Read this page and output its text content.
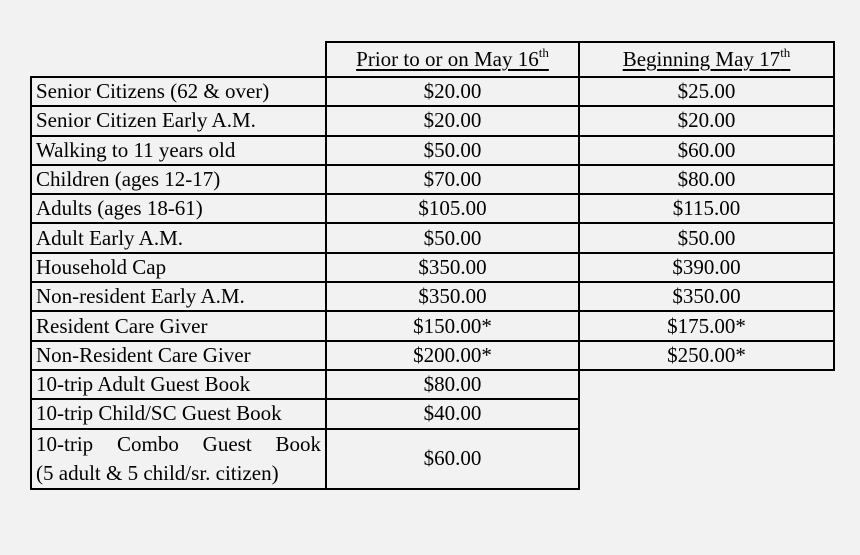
	Prior to or on May 16th	Beginning May 17th
Senior Citizens (62 & over)	$20.00	$25.00
Senior Citizen Early A.M.	$20.00	$20.00
Walking to 11 years old	$50.00	$60.00
Children (ages 12-17)	$70.00	$80.00
Adults (ages 18-61)	$105.00	$115.00
Adult Early A.M.	$50.00	$50.00
Household Cap	$350.00	$390.00
Non-resident Early A.M.	$350.00	$350.00
Resident Care Giver	$150.00*	$175.00*
Non-Resident Care Giver	$200.00*	$250.00*
10-trip Adult Guest Book	$80.00	
10-trip Child/SC Guest Book	$40.00	

10-trip Combo Guest Book
(5 adult & 5 child/sr. citizen)	$60.00	
